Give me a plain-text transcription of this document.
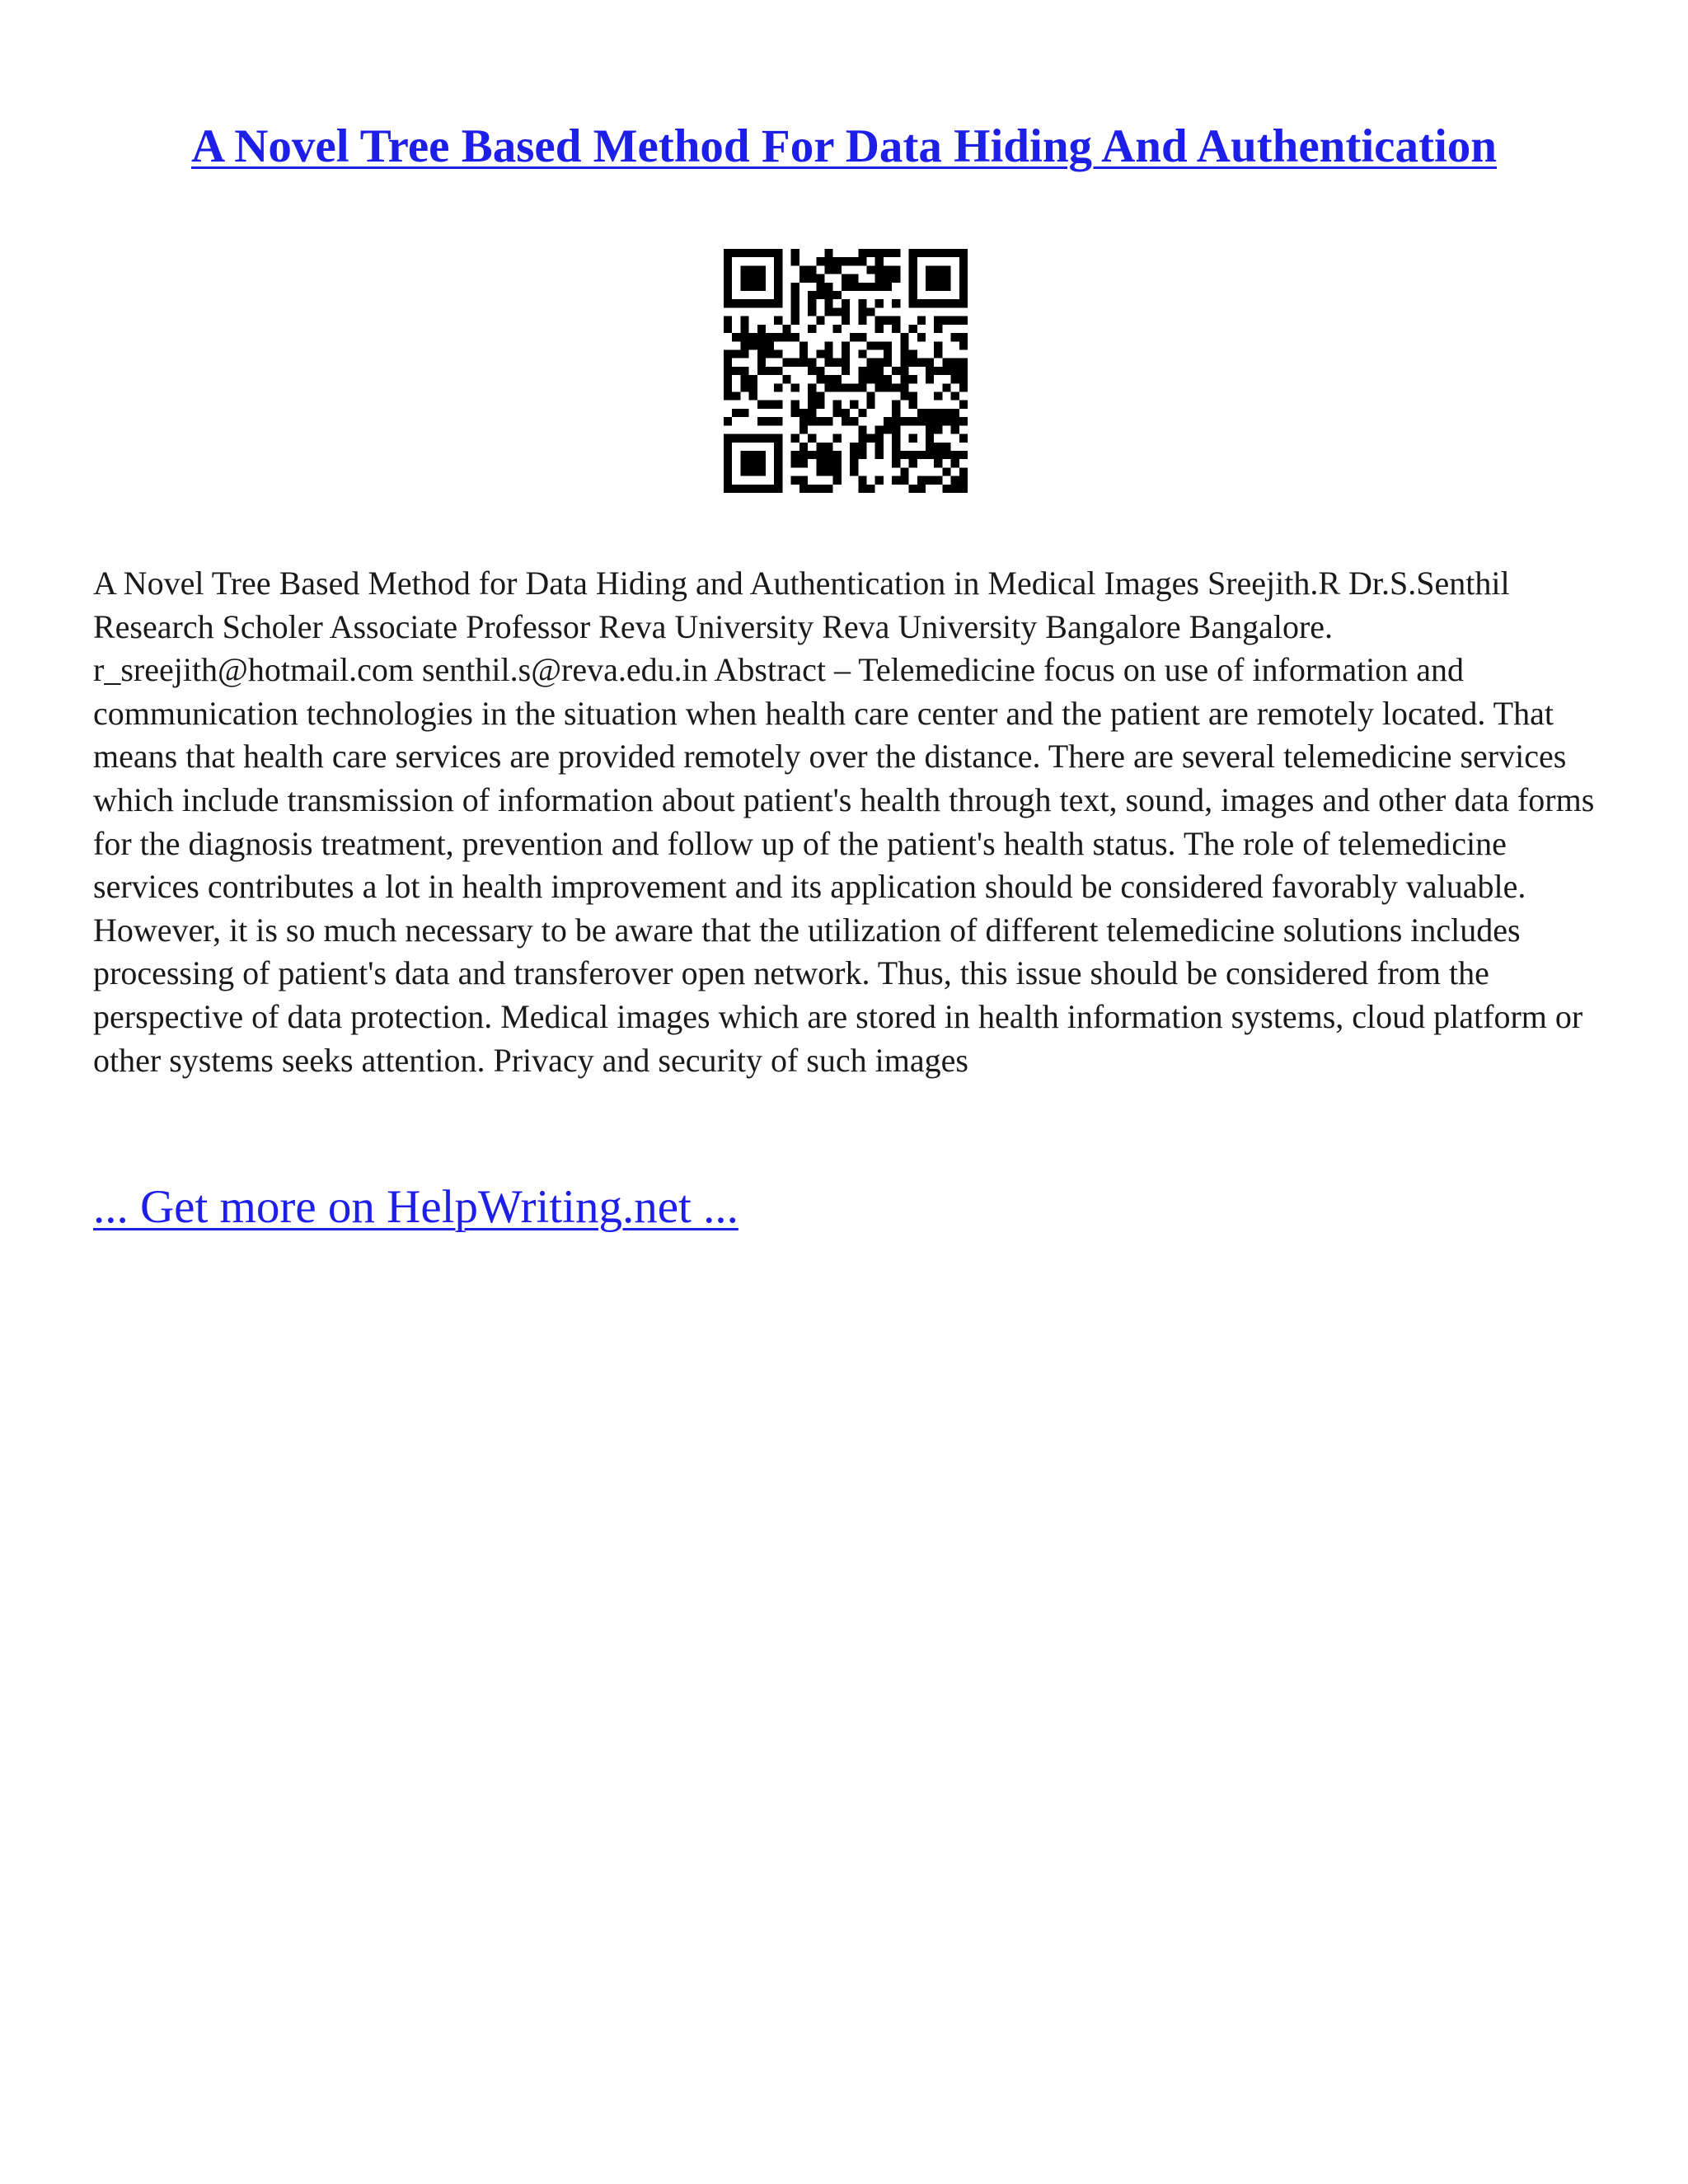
A Novel Tree Based Method For Data Hiding And Authentication

A Novel Tree Based Method for Data Hiding and Authentication in Medical Images Sreejith.R Dr.S.Senthil Research Scholer Associate Professor Reva University Reva University Bangalore Bangalore. r_sreejith@hotmail.com senthil.s@reva.edu.in Abstract – Telemedicine focus on use of information and communication technologies in the situation when health care center and the patient are remotely located. That means that health care services are provided remotely over the distance. There are several telemedicine services which include transmission of information about patient's health through text, sound, images and other data forms for the diagnosis treatment, prevention and follow up of the patient's health status. The role of telemedicine services contributes a lot in health improvement and its application should be considered favorably valuable. However, it is so much necessary to be aware that the utilization of different telemedicine solutions includes processing of patient's data and transferover open network. Thus, this issue should be considered from the perspective of data protection. Medical images which are stored in health information systems, cloud platform or other systems seeks attention. Privacy and security of such images

... Get more on HelpWriting.net ...
